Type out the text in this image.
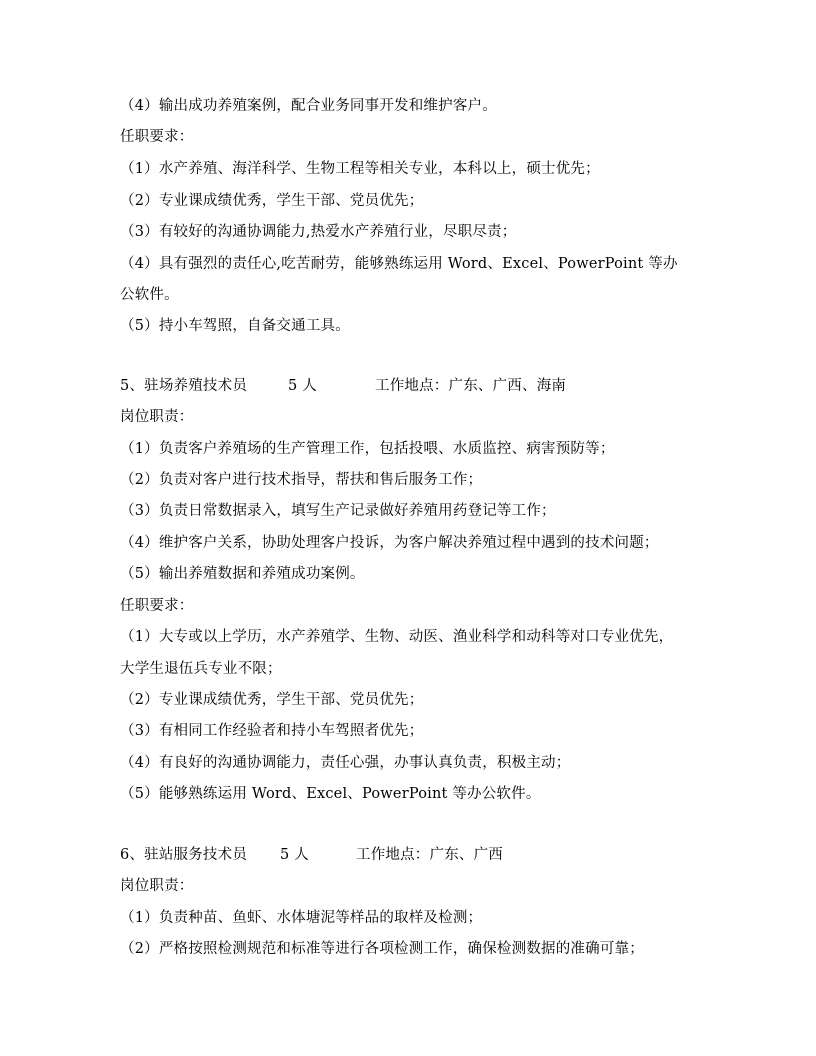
（4）输出成功养殖案例，配合业务同事开发和维护客户。
任职要求：
（1）水产养殖、海洋科学、生物工程等相关专业，本科以上，硕士优先；
（2）专业课成绩优秀，学生干部、党员优先；
（3）有较好的沟通协调能力,热爱水产养殖行业，尽职尽责；
（4）具有强烈的责任心,吃苦耐劳，能够熟练运用 Word、Excel、PowerPoint 等办
公软件。
（5）持小车驾照，自备交通工具。
5、驻场养殖技术员	5 人	工作地点：广东、广西、海南
岗位职责：
（1）负责客户养殖场的生产管理工作，包括投喂、水质监控、病害预防等；
（2）负责对客户进行技术指导，帮扶和售后服务工作；
（3）负责日常数据录入，填写生产记录做好养殖用药登记等工作；
（4）维护客户关系，协助处理客户投诉，为客户解决养殖过程中遇到的技术问题；
（5）输出养殖数据和养殖成功案例。
任职要求：
（1）大专或以上学历，水产养殖学、生物、动医、渔业科学和动科等对口专业优先，
大学生退伍兵专业不限；
（2）专业课成绩优秀，学生干部、党员优先；
（3）有相同工作经验者和持小车驾照者优先；
（4）有良好的沟通协调能力，责任心强，办事认真负责，积极主动；
（5）能够熟练运用 Word、Excel、PowerPoint 等办公软件。
6、驻站服务技术员 5 人	工作地点：广东、广西
岗位职责：
（1）负责种苗、鱼虾、水体塘泥等样品的取样及检测；
（2）严格按照检测规范和标准等进行各项检测工作，确保检测数据的准确可靠；
